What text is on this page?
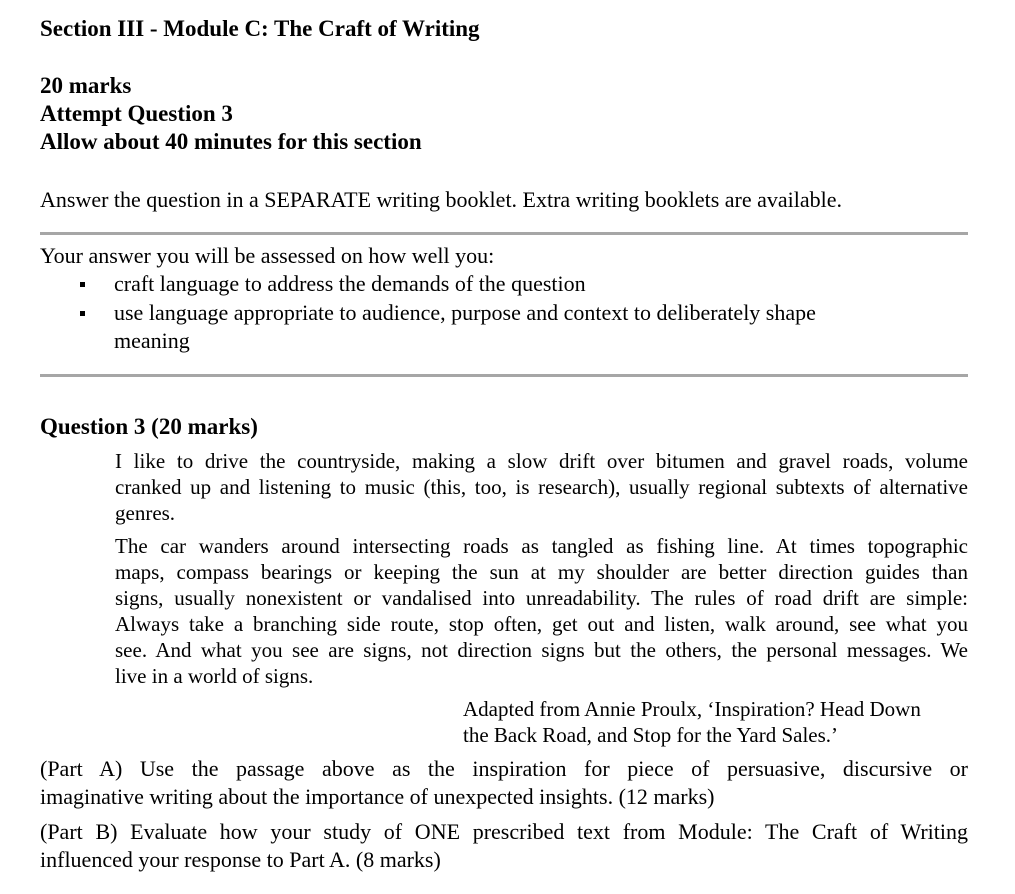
Section III - Module C: The Craft of Writing
20 marks
Attempt Question 3
Allow about 40 minutes for this section
Answer the question in a SEPARATE writing booklet. Extra writing booklets are available.
Your answer you will be assessed on how well you:
craft language to address the demands of the question
use language appropriate to audience, purpose and context to deliberately shape
meaning
Question 3 (20 marks)
I like to drive the countryside, making a slow drift over bitumen and gravel roads, volume
cranked up and listening to music (this, too, is research), usually regional subtexts of alternative
genres.
The car wanders around intersecting roads as tangled as fishing line. At times topographic
maps, compass bearings or keeping the sun at my shoulder are better direction guides than
signs, usually nonexistent or vandalised into unreadability. The rules of road drift are simple:
Always take a branching side route, stop often, get out and listen, walk around, see what you
see. And what you see are signs, not direction signs but the others, the personal messages. We
live in a world of signs.
Adapted from Annie Proulx, ‘Inspiration? Head Down
the Back Road, and Stop for the Yard Sales.’
(Part A) Use the passage above as the inspiration for piece of persuasive, discursive or
imaginative writing about the importance of unexpected insights. (12 marks)
(Part B) Evaluate how your study of ONE prescribed text from Module: The Craft of Writing
influenced your response to Part A. (8 marks)
